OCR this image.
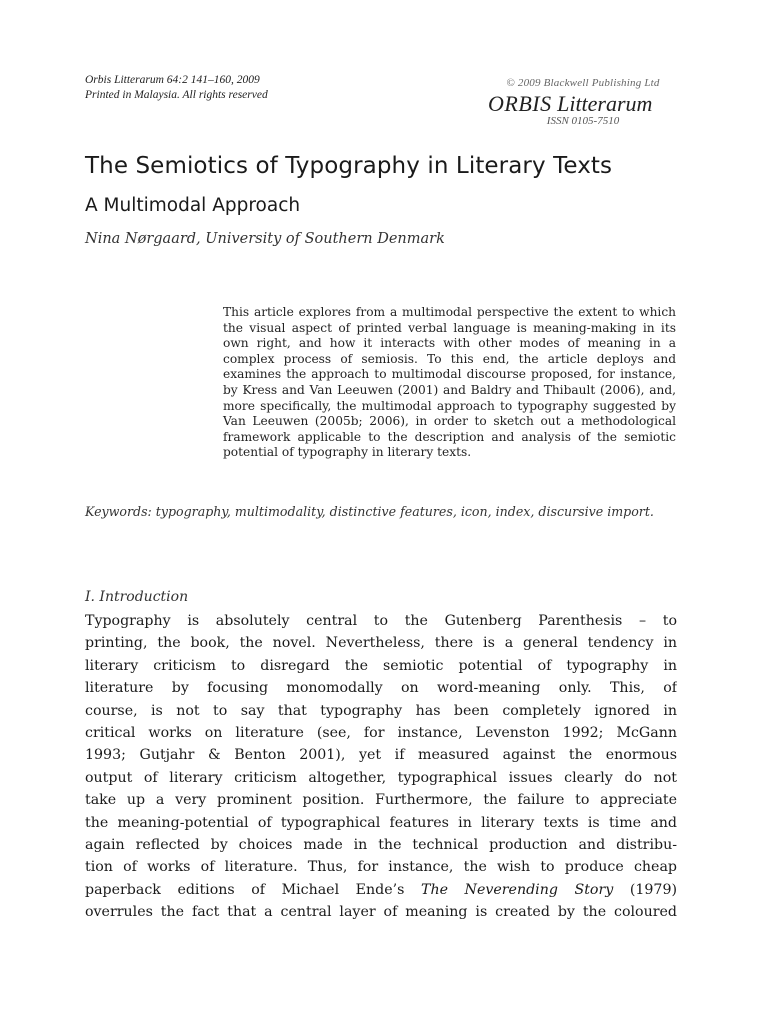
Orbis Litterarum 64:2 141–160, 2009
Printed in Malaysia. All rights reserved
© 2009 Blackwell Publishing Ltd
ORBIS Litterarum
ISSN 0105-7510
The Semiotics of Typography in Literary Texts
A Multimodal Approach
Nina Nørgaard, University of Southern Denmark
This article explores from a multimodal perspective the extent to which the visual aspect of printed verbal language is meaning-making in its own right, and how it interacts with other modes of meaning in a complex process of semiosis. To this end, the article deploys and examines the approach to multimodal discourse proposed, for instance, by Kress and Van Leeuwen (2001) and Baldry and Thibault (2006), and, more specifically, the multimodal approach to typography suggested by Van Leeuwen (2005b; 2006), in order to sketch out a methodological framework applicable to the description and analysis of the semiotic potential of typography in literary texts.
Keywords: typography, multimodality, distinctive features, icon, index, discursive import.
I. Introduction
Typography is absolutely central to the Gutenberg Parenthesis – to
printing, the book, the novel. Nevertheless, there is a general tendency in
literary criticism to disregard the semiotic potential of typography in
literature by focusing monomodally on word-meaning only. This, of
course, is not to say that typography has been completely ignored in
critical works on literature (see, for instance, Levenston 1992; McGann
1993; Gutjahr & Benton 2001), yet if measured against the enormous
output of literary criticism altogether, typographical issues clearly do not
take up a very prominent position. Furthermore, the failure to appreciate
the meaning-potential of typographical features in literary texts is time and
again reflected by choices made in the technical production and distribu-
tion of works of literature. Thus, for instance, the wish to produce cheap
paperback editions of Michael Ende’s The Neverending Story (1979)
overrules the fact that a central layer of meaning is created by the coloured
